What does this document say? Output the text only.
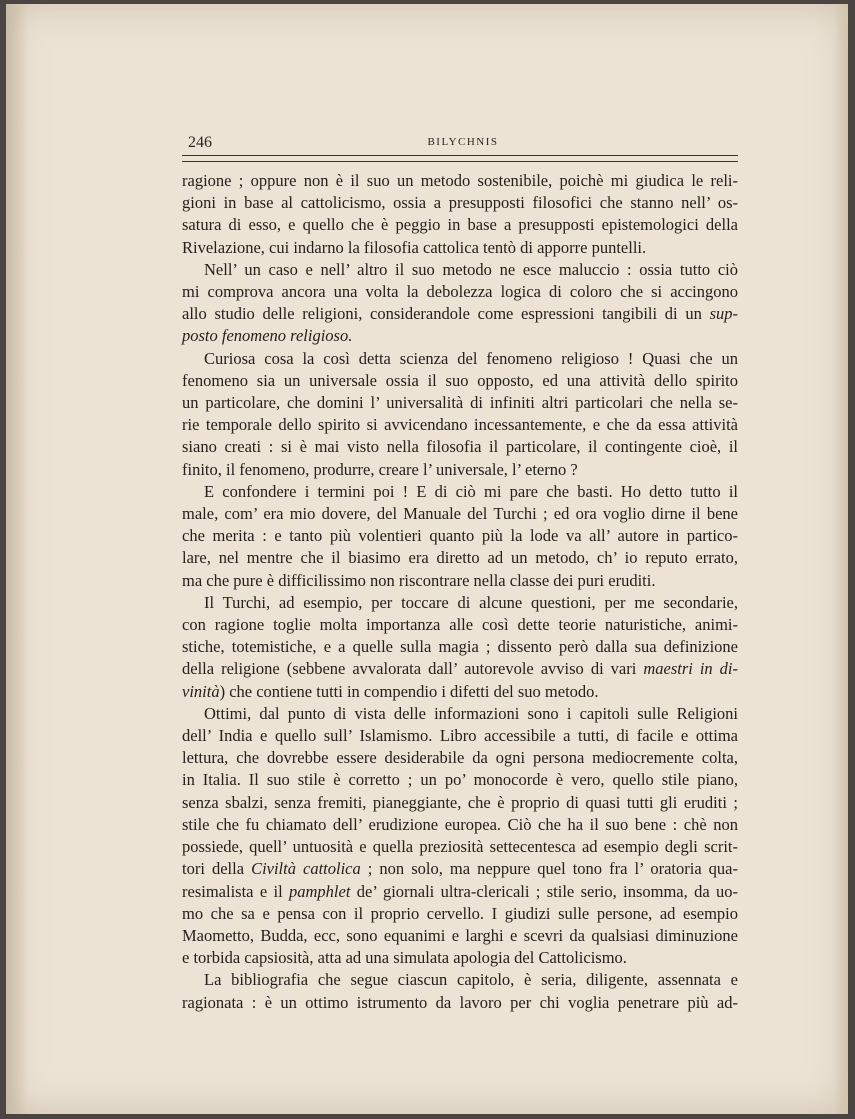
246	BILYCHNIS

ragione ; oppure non è il suo un metodo sostenibile, poichè mi giudica le reli-
gioni in base al cattolicismo, ossia a presupposti filosofici che stanno nell’ os-
satura di esso, e quello che è peggio in base a presupposti epistemologici della
Rivelazione, cui indarno la filosofia cattolica tentò di apporre puntelli.

Nell’ un caso e nell’ altro il suo metodo ne esce maluccio : ossia tutto ciò
mi comprova ancora una volta la debolezza logica di coloro che si accingono
allo studio delle religioni, considerandole come espressioni tangibili di un sup-
posto fenomeno religioso.

Curiosa cosa la così detta scienza del fenomeno religioso ! Quasi che un
fenomeno sia un universale ossia il suo opposto, ed una attività dello spirito
un particolare, che domini l’ universalità di infiniti altri particolari che nella se-
rie temporale dello spirito si avvicendano incessantemente, e che da essa attività
siano creati : si è mai visto nella filosofia il particolare, il contingente cioè, il
finito, il fenomeno, produrre, creare l’ universale, l’ eterno ?

E confondere i termini poi ! E di ciò mi pare che basti. Ho detto tutto il
male, com’ era mio dovere, del Manuale del Turchi ; ed ora voglio dirne il bene
che merita : e tanto più volentieri quanto più la lode va all’ autore in partico-
lare, nel mentre che il biasimo era diretto ad un metodo, ch’ io reputo errato,
ma che pure è difficilissimo non riscontrare nella classe dei puri eruditi.

Il Turchi, ad esempio, per toccare di alcune questioni, per me secondarie,
con ragione toglie molta importanza alle così dette teorie naturistiche, animi-
stiche, totemistiche, e a quelle sulla magia ; dissento però dalla sua definizione
della religione (sebbene avvalorata dall’ autorevole avviso di vari maestri in di-
vinità) che contiene tutti in compendio i difetti del suo metodo.

Ottimi, dal punto di vista delle informazioni sono i capitoli sulle Religioni
dell’ India e quello sull’ Islamismo. Libro accessibile a tutti, di facile e ottima
lettura, che dovrebbe essere desiderabile da ogni persona mediocremente colta,
in Italia. Il suo stile è corretto ; un po’ monocorde è vero, quello stile piano,
senza sbalzi, senza fremiti, pianeggiante, che è proprio di quasi tutti gli eruditi ;
stile che fu chiamato dell’ erudizione europea. Ciò che ha il suo bene : chè non
possiede, quell’ untuosità e quella preziosità settecentesca ad esempio degli scrit-
tori della Civiltà cattolica ; non solo, ma neppure quel tono fra l’ oratoria qua-
resimalista e il pamphlet de’ giornali ultra-clericali ; stile serio, insomma, da uo-
mo che sa e pensa con il proprio cervello. I giudizi sulle persone, ad esempio
Maometto, Budda, ecc, sono equanimi e larghi e scevri da qualsiasi diminuzione
e torbida capsiosità, atta ad una simulata apologia del Cattolicismo.

La bibliografia che segue ciascun capitolo, è seria, diligente, assennata e
ragionata : è un ottimo istrumento da lavoro per chi voglia penetrare più ad-
